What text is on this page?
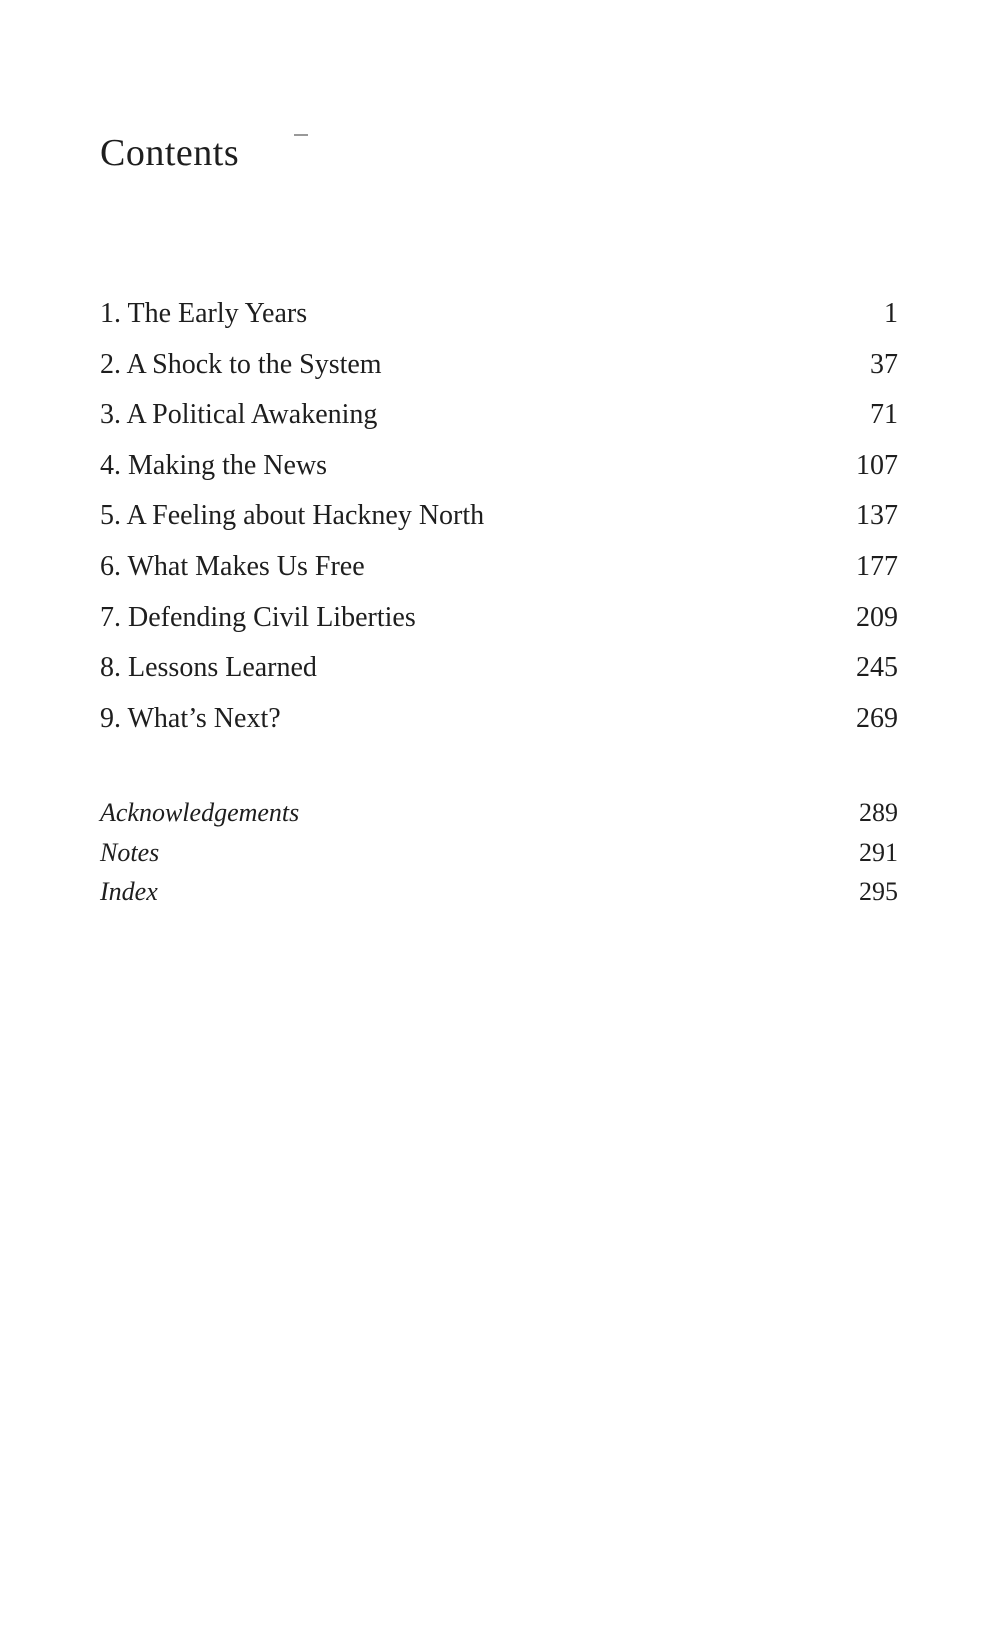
Contents
1. The Early Years	1
2. A Shock to the System	37
3. A Political Awakening	71
4. Making the News	107
5. A Feeling about Hackney North	137
6. What Makes Us Free	177
7. Defending Civil Liberties	209
8. Lessons Learned	245
9. What’s Next?	269
Acknowledgements	289
Notes	291
Index	295
